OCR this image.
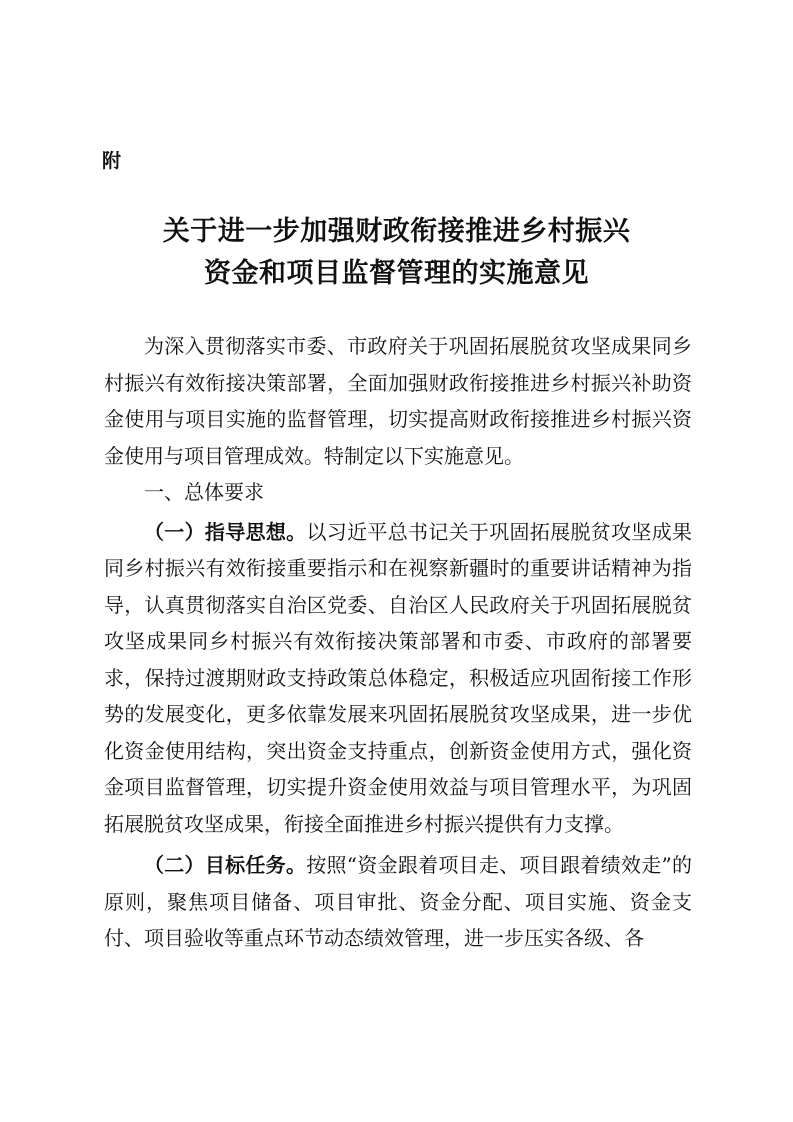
附
关于进一步加强财政衔接推进乡村振兴
资金和项目监督管理的实施意见

为深入贯彻落实市委、市政府关于巩固拓展脱贫攻坚成果同乡村振兴有效衔接决策部署，全面加强财政衔接推进乡村振兴补助资金使用与项目实施的监督管理，切实提高财政衔接推进乡村振兴资金使用与项目管理成效。特制定以下实施意见。

一、总体要求

（一）指导思想。以习近平总书记关于巩固拓展脱贫攻坚成果同乡村振兴有效衔接重要指示和在视察新疆时的重要讲话精神为指导，认真贯彻落实自治区党委、自治区人民政府关于巩固拓展脱贫攻坚成果同乡村振兴有效衔接决策部署和市委、市政府的部署要求，保持过渡期财政支持政策总体稳定，积极适应巩固衔接工作形势的发展变化，更多依靠发展来巩固拓展脱贫攻坚成果，进一步优化资金使用结构，突出资金支持重点，创新资金使用方式，强化资金项目监督管理，切实提升资金使用效益与项目管理水平，为巩固拓展脱贫攻坚成果，衔接全面推进乡村振兴提供有力支撑。

（二）目标任务。按照“资金跟着项目走、项目跟着绩效走”的原则，聚焦项目储备、项目审批、资金分配、项目实施、资金支付、项目验收等重点环节动态绩效管理，进一步压实各级、各
